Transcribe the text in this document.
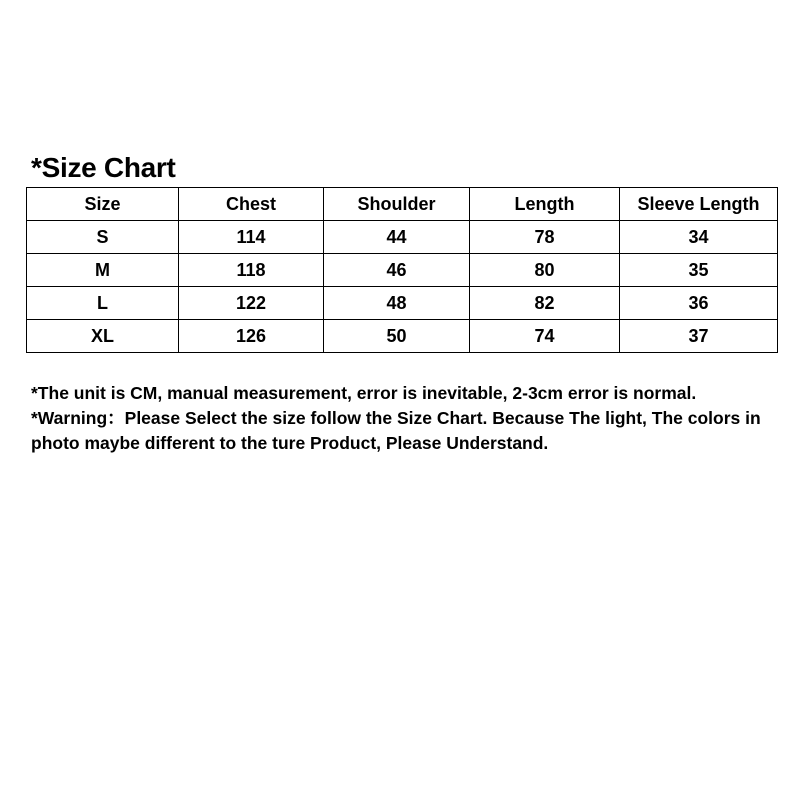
*Size Chart
Size	Chest	Shoulder	Length	Sleeve Length
S	114	44	78	34
M	118	46	80	35
L	122	48	82	36
XL	126	50	74	37

*The unit is CM, manual measurement, error is inevitable, 2-3cm error is normal.

*Warning：Please Select the size follow the Size Chart. Because The light, The colors in photo maybe different to the ture Product, Please Understand.
